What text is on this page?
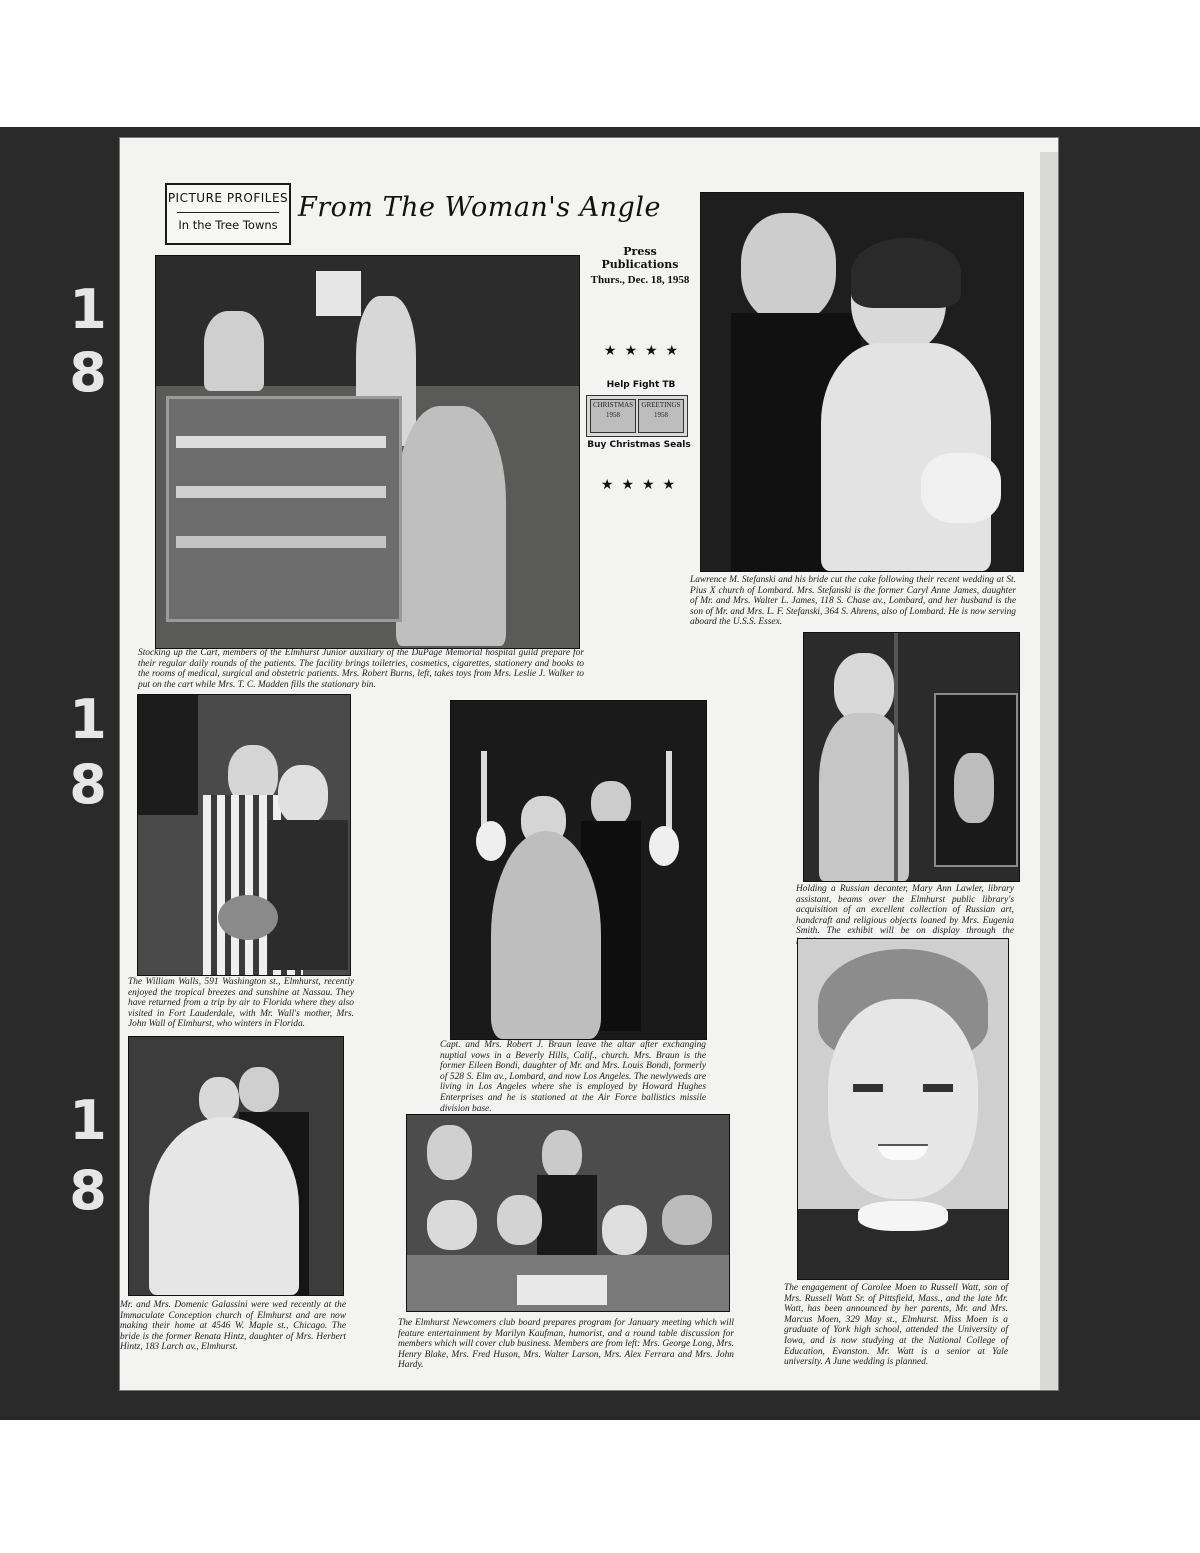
1
8
1
8
1
8
PICTURE PROFILES
In the Tree Towns
From The Woman's Angle
Press Publications
Thurs., Dec. 18, 1958
★★★★
Help Fight TB
CHRISTMAS
1958
GREETINGS
1958
Buy Christmas Seals
★★★★

Stocking up the Cart, members of the Elmhurst Junior auxiliary of the DuPage Memorial hospital guild prepare for their regular daily rounds of the patients. The facility brings toiletries, cosmetics, cigarettes, stationery and books to the rooms of medical, surgical and obstetric patients. Mrs. Robert Burns, left, takes toys from Mrs. Leslie J. Walker to put on the cart while Mrs. T. C. Madden fills the stationary bin.

Lawrence M. Stefanski and his bride cut the cake following their recent wedding at St. Pius X church of Lombard. Mrs. Stefanski is the former Caryl Anne James, daughter of Mr. and Mrs. Walter L. James, 118 S. Chase av., Lombard, and her husband is the son of Mr. and Mrs. L. F. Stefanski, 364 S. Ahrens, also of Lombard. He is now serving aboard the U.S.S. Essex.

The William Walls, 591 Washington st., Elmhurst, recently enjoyed the tropical breezes and sunshine at Nassau. They have returned from a trip by air to Florida where they also visited in Fort Lauderdale, with Mr. Wall's mother, Mrs. John Wall of Elmhurst, who winters in Florida.

Capt. and Mrs. Robert J. Braun leave the altar after exchanging nuptial vows in a Beverly Hills, Calif., church. Mrs. Braun is the former Eileen Bondi, daughter of Mr. and Mrs. Louis Bondi, formerly of 528 S. Elm av., Lombard, and now Los Angeles. The newlyweds are living in Los Angeles where she is employed by Howard Hughes Enterprises and he is stationed at the Air Force ballistics missile division base.

Holding a Russian decanter, Mary Ann Lawler, library assistant, beams over the Elmhurst public library's acquisition of an excellent collection of Russian art, handcraft and religious objects loaned by Mrs. Eugenia Smith. The exhibit will be on display through the

The engagement of Carolee Moen to Russell Watt, son of Mrs. Russell Watt Sr. of Pittsfield, Mass., and the late Mr. Watt, has been announced by her parents, Mr. and Mrs. Marcus Moen, 329 May st., Elmhurst. Miss Moen is a graduate of York high school, attended the University of Iowa, and is now studying at the National College of Education, Evanston. Mr. Watt is a senior at Yale university. A June wedding is planned.

Mr. and Mrs. Domenic Galassini were wed recently at the Immaculate Conception church of Elmhurst and are now making their home at 4546 W. Maple st., Chicago. The bride is the former Renata Hintz, daughter of Mrs. Herbert Hintz, 183 Larch av., Elmhurst.

The Elmhurst Newcomers club board prepares program for January meeting which will feature entertainment by Marilyn Kaufman, humorist, and a round table discussion for members which will cover club business. Members are from left: Mrs. George Long, Mrs. Henry Blake, Mrs. Fred Huson, Mrs. Walter Larson, Mrs. Alex Ferrara and Mrs. John Hardy.
